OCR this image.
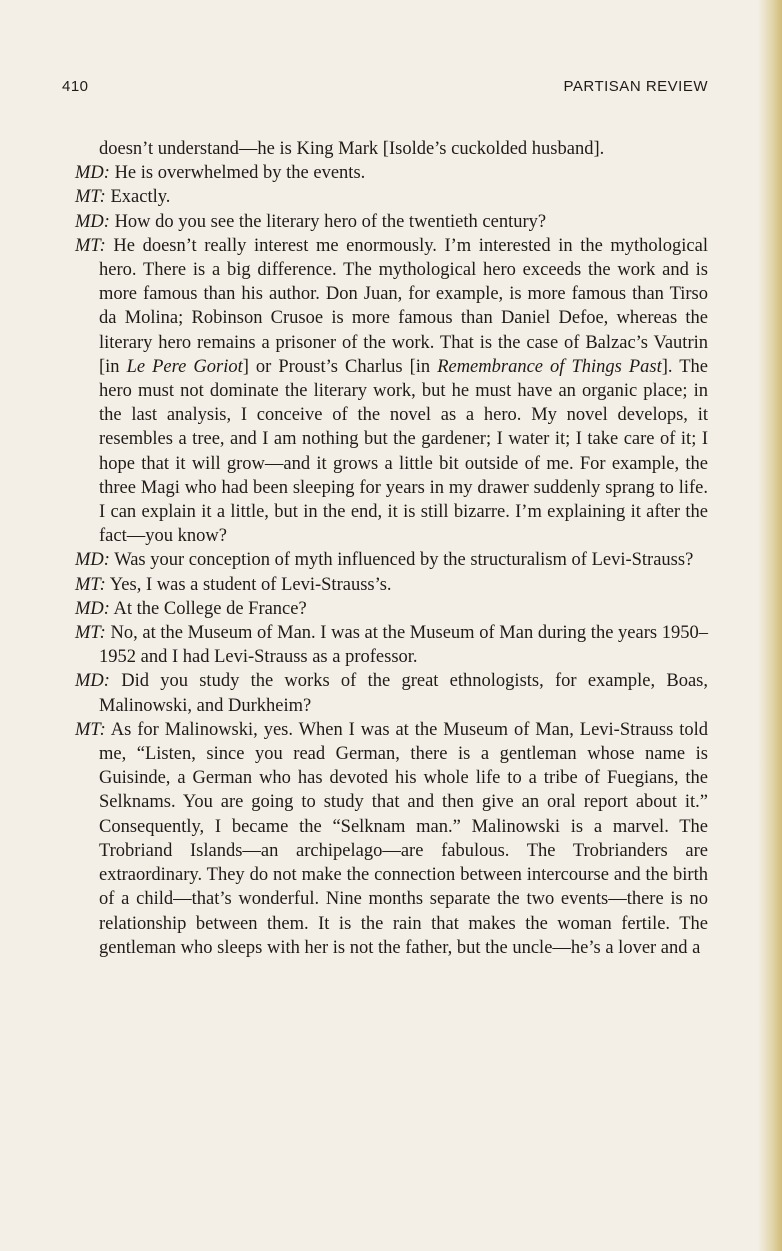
410	PARTISAN REVIEW

doesn’t understand—he is King Mark [Isolde’s cuckolded husband].

MD: He is overwhelmed by the events.

MT: Exactly.

MD: How do you see the literary hero of the twentieth century?

MT: He doesn’t really interest me enormously. I’m interested in the mythological hero. There is a big difference. The mythological hero exceeds the work and is more famous than his author. Don Juan, for example, is more famous than Tirso da Molina; Robinson Crusoe is more famous than Daniel Defoe, whereas the literary hero remains a prisoner of the work. That is the case of Balzac’s Vautrin [in Le Pere Goriot] or Proust’s Charlus [in Remembrance of Things Past]. The hero must not dominate the literary work, but he must have an organic place; in the last analysis, I conceive of the novel as a hero. My novel develops, it resembles a tree, and I am nothing but the gardener; I water it; I take care of it; I hope that it will grow—and it grows a little bit outside of me. For example, the three Magi who had been sleeping for years in my drawer suddenly sprang to life. I can explain it a little, but in the end, it is still bizarre. I’m explaining it after the fact—you know?

MD: Was your conception of myth influenced by the structuralism of Levi-Strauss?

MT: Yes, I was a student of Levi-Strauss’s.

MD: At the College de France?

MT: No, at the Museum of Man. I was at the Museum of Man during the years 1950–1952 and I had Levi-Strauss as a professor.

MD: Did you study the works of the great ethnologists, for example, Boas, Malinowski, and Durkheim?

MT: As for Malinowski, yes. When I was at the Museum of Man, Levi-Strauss told me, “Listen, since you read German, there is a gentleman whose name is Guisinde, a German who has devoted his whole life to a tribe of Fuegians, the Selknams. You are going to study that and then give an oral report about it.” Consequently, I became the “Selknam man.” Malinowski is a marvel. The Trobriand Islands—an archipelago—are fabulous. The Trobrianders are extraordinary. They do not make the connection between intercourse and the birth of a child—that’s wonderful. Nine months separate the two events—there is no relationship between them. It is the rain that makes the woman fertile. The gentleman who sleeps with her is not the father, but the uncle—he’s a lover and a
